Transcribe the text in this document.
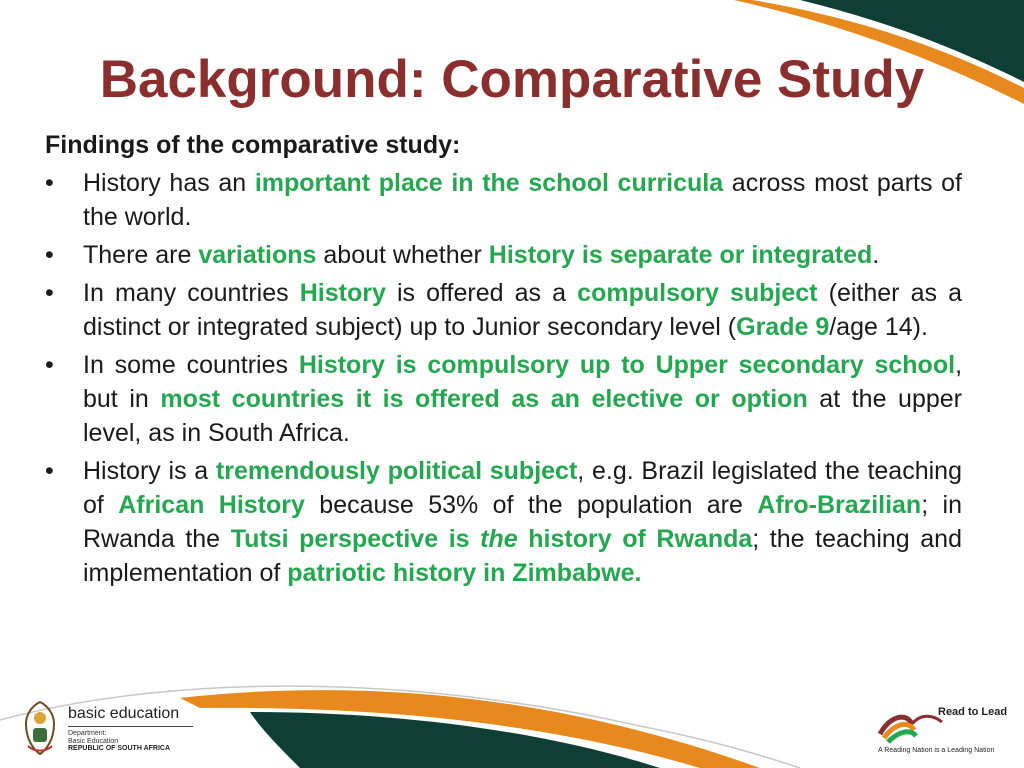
Background: Comparative Study

Findings of the comparative study:

• History has an important place in the school curricula across most parts of the world.
• There are variations about whether History is separate or integrated.
• In many countries History is offered as a compulsory subject (either as a distinct or integrated subject) up to Junior secondary level (Grade 9/age 14).
• In some countries History is compulsory up to Upper secondary school, but in most countries it is offered as an elective or option at the upper level, as in South Africa.
• History is a tremendously political subject, e.g. Brazil legislated the teaching of African History because 53% of the population are Afro-Brazilian; in Rwanda the Tutsi perspective is the history of Rwanda; the teaching and implementation of patriotic history in Zimbabwe.
basic education
Department:
Basic Education
REPUBLIC OF SOUTH AFRICA
Read to Lead
A Reading Nation is a Leading Nation
